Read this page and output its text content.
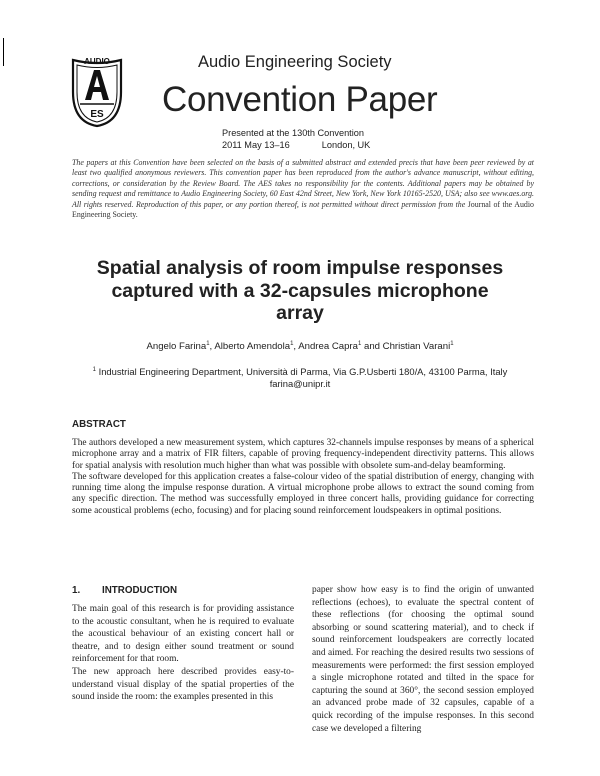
AUDIO
ES
Audio Engineering Society
Convention Paper
Presented at the 130th Convention
2011 May 13–16	London, UK
The papers at this Convention have been selected on the basis of a submitted abstract and extended precis that have been peer reviewed by at least two qualified anonymous reviewers. This convention paper has been reproduced from the author's advance manuscript, without editing, corrections, or consideration by the Review Board. The AES takes no responsibility for the contents. Additional papers may be obtained by sending request and remittance to Audio Engineering Society, 60 East 42nd Street, New York, New York 10165-2520, USA; also see www.aes.org. All rights reserved. Reproduction of this paper, or any portion thereof, is not permitted without direct permission from the Journal of the Audio Engineering Society.
Spatial analysis of room impulse responses
captured with a 32-capsules microphone
array
Angelo Farina$^1$, Alberto Amendola$^1$, Andrea Capra$^1$ and Christian Varani$^1$
$^1$ Industrial Engineering Department, Università di Parma, Via G.P.Usberti 180/A, 43100 Parma, Italy
farina@unipr.it
ABSTRACT

The authors developed a new measurement system, which captures 32-channels impulse responses by means of a spherical microphone array and a matrix of FIR filters, capable of proving frequency-independent directivity patterns. This allows for spatial analysis with resolution much higher than what was possible with obsolete sum-and-delay beamforming.

The software developed for this application creates a false-colour video of the spatial distribution of energy, changing with running time along the impulse response duration. A virtual microphone probe allows to extract the sound coming from any specific direction. The method was successfully employed in three concert halls, providing guidance for correcting some acoustical problems (echo, focusing) and for placing sound reinforcement loudspeakers in optimal positions.

1. INTRODUCTION

The main goal of this research is for providing assistance to the acoustic consultant, when he is required to evaluate the acoustical behaviour of an existing concert hall or theatre, and to design either sound treatment or sound reinforcement for that room.

The new approach here described provides easy-to-understand visual display of the spatial properties of the sound inside the room: the examples presented in this

paper show how easy is to find the origin of unwanted reflections (echoes), to evaluate the spectral content of these reflections (for choosing the optimal sound absorbing or sound scattering material), and to check if sound reinforcement loudspeakers are correctly located and aimed. For reaching the desired results two sessions of measurements were performed: the first session employed a single microphone rotated and tilted in the space for capturing the sound at 360°, the second session employed an advanced probe made of 32 capsules, capable of a quick recording of the impulse responses. In this second case we developed a filtering
